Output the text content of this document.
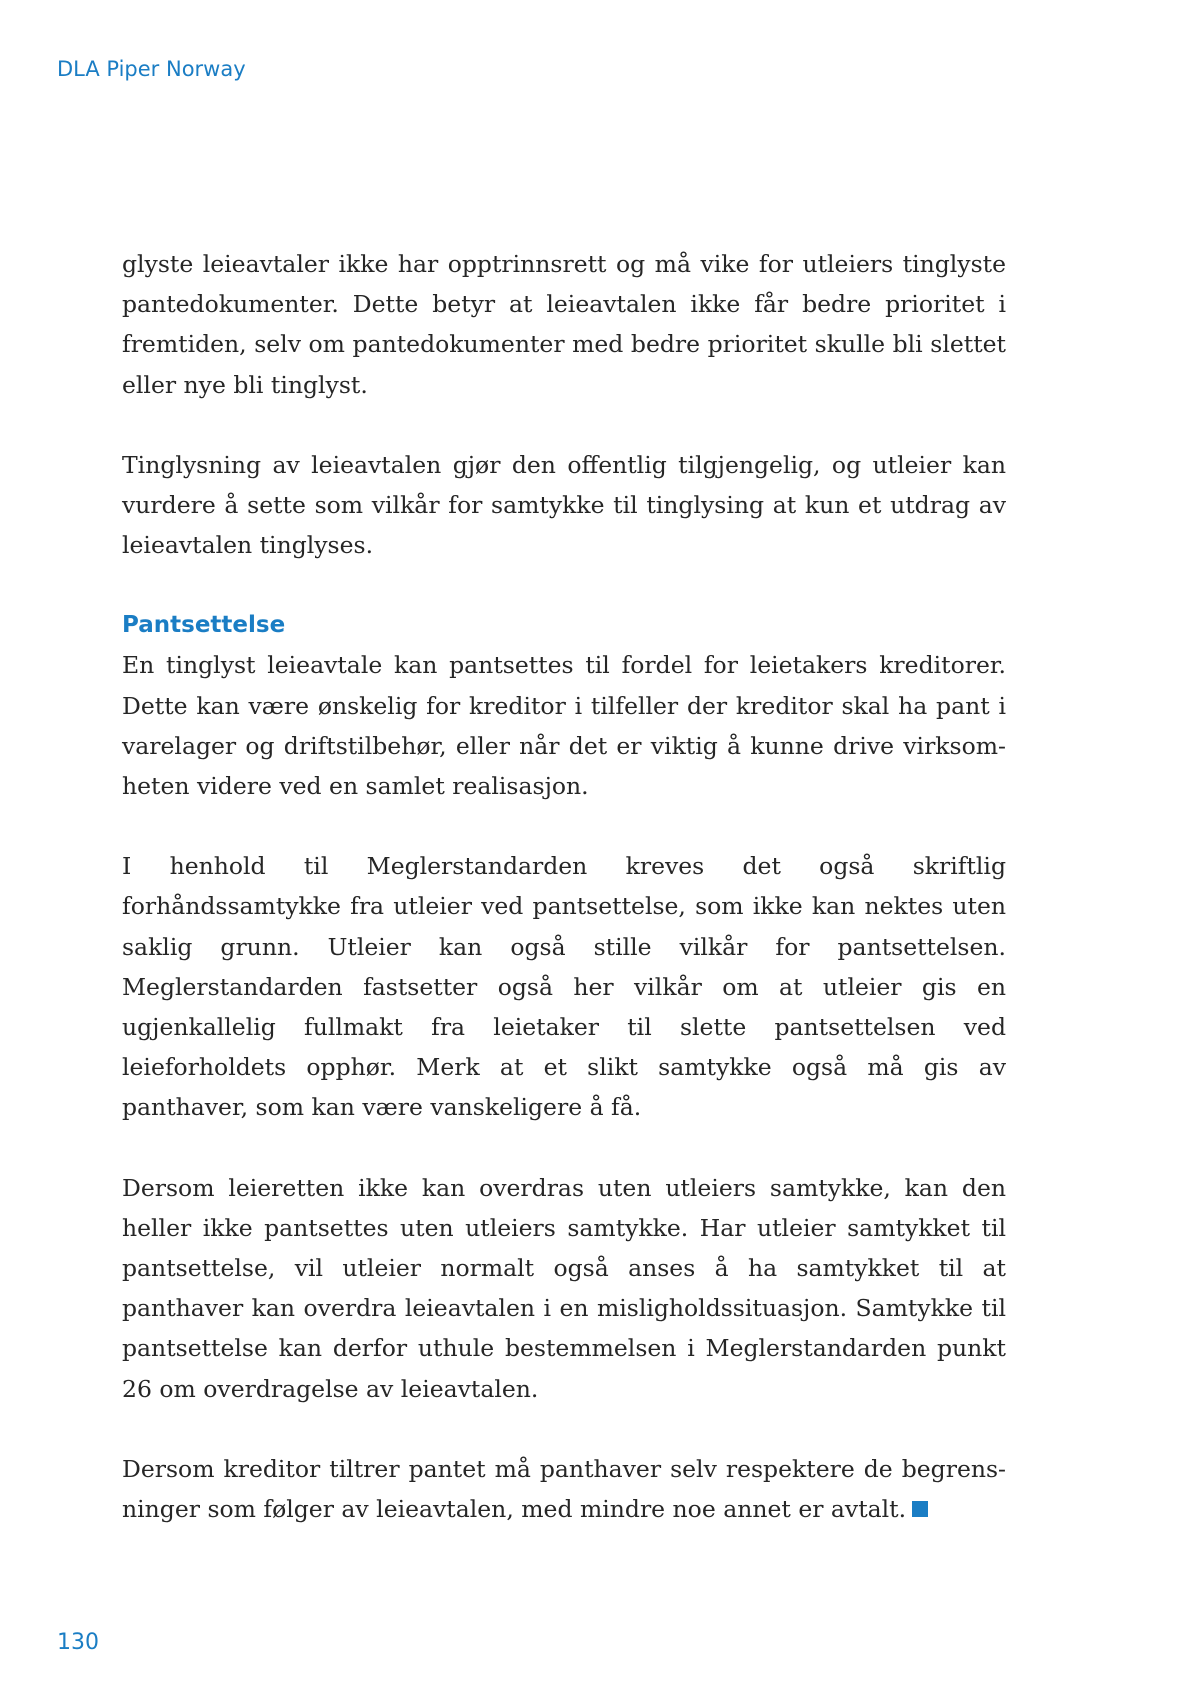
DLA Piper Norway

glyste leieavtaler ikke har opptrinnsrett og må vike for utleiers tinglyste pantedokumenter. Dette betyr at leieavtalen ikke får bedre prioritet i fremtiden, selv om pantedokumenter med bedre prioritet skulle bli slettet eller nye bli tinglyst.

Tinglysning av leieavtalen gjør den offentlig tilgjengelig, og utleier kan vurdere å sette som vilkår for samtykke til tinglysing at kun et utdrag av leieavtalen tinglyses.

Pantsettelse

En tinglyst leieavtale kan pantsettes til fordel for leietakers kreditorer. Dette kan være ønskelig for kreditor i tilfeller der kreditor skal ha pant i varelager og driftstilbehør, eller når det er viktig å kunne drive virksomheten videre ved en samlet realisasjon.

I henhold til Meglerstandarden kreves det også skriftlig forhåndssamtykke fra utleier ved pantsettelse, som ikke kan nektes uten saklig grunn. Utleier kan også stille vilkår for pantsettelsen. Meglerstandarden fastsetter også her vilkår om at utleier gis en ugjenkallelig fullmakt fra leietaker til slette pantsettelsen ved leieforholdets opphør. Merk at et slikt samtykke også må gis av panthaver, som kan være vanskeligere å få.

Dersom leieretten ikke kan overdras uten utleiers samtykke, kan den heller ikke pantsettes uten utleiers samtykke. Har utleier samtykket til pantsettelse, vil utleier normalt også anses å ha samtykket til at panthaver kan overdra leieavtalen i en misligholdssituasjon. Samtykke til pantsettelse kan derfor uthule bestemmelsen i Meglerstandarden punkt 26 om overdragelse av leieavtalen.

Dersom kreditor tiltrer pantet må panthaver selv respektere de begrensninger som følger av leieavtalen, med mindre noe annet er avtalt.

130
